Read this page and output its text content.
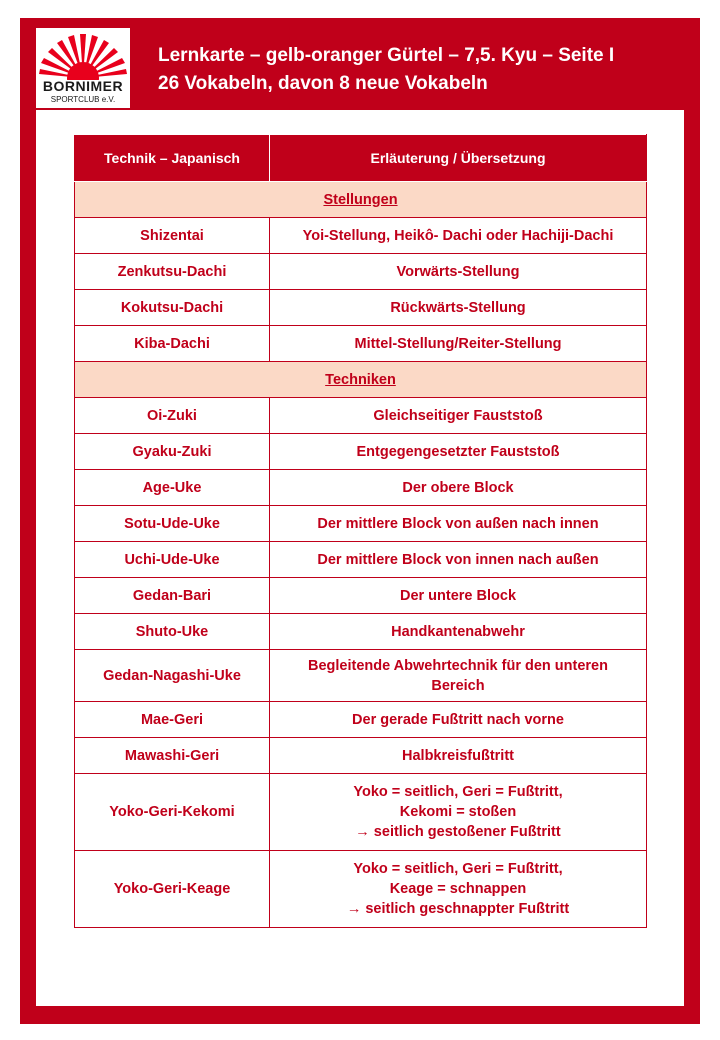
BORNIMER
SPORTCLUB e.V.
Lernkarte – gelb-oranger Gürtel – 7,5. Kyu – Seite I
26 Vokabeln, davon 8 neue Vokabeln
Technik – Japanisch	Erläuterung / Übersetzung
Stellungen	
Shizentai	Yoi-Stellung, Heikô- Dachi oder Hachiji-Dachi
Zenkutsu-Dachi	Vorwärts-Stellung
Kokutsu-Dachi	Rückwärts-Stellung
Kiba-Dachi	Mittel-Stellung/Reiter-Stellung
Techniken	
Oi-Zuki	Gleichseitiger Fauststoß
Gyaku-Zuki	Entgegengesetzter Fauststoß
Age-Uke	Der obere Block
Sotu-Ude-Uke	Der mittlere Block von außen nach innen
Uchi-Ude-Uke	Der mittlere Block von innen nach außen
Gedan-Bari	Der untere Block
Shuto-Uke	Handkantenabwehr
Gedan-Nagashi-Uke	Begleitende Abwehrtechnik für den unteren
Bereich

Mae-Geri	Der gerade Fußtritt nach vorne
Mawashi-Geri	Halbkreisfußtritt
Yoko-Geri-Kekomi	Yoko = seitlich, Geri = Fußtritt,
Kekomi = stoßen
→ seitlich gestoßener Fußtritt

Yoko-Geri-Keage	Yoko = seitlich, Geri = Fußtritt,
Keage = schnappen
→ seitlich geschnappter Fußtritt
